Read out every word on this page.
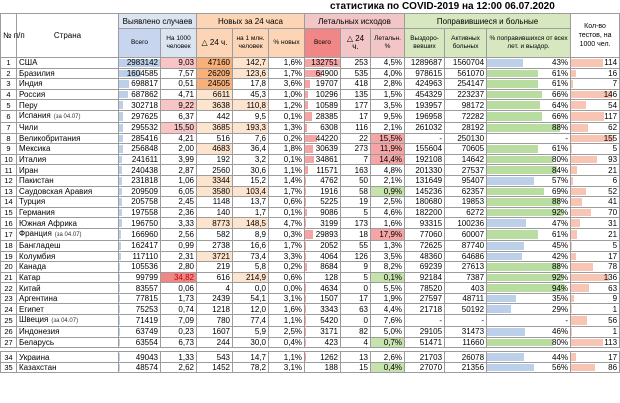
статистика по COVID-2019 на 12:00 06.07.2020
№ п/п	Страна	Выявлено случаев		Новых за 24 часа			Летальных исходов			Поправившиеся и больные			Кол-во тестов, на 1000 чел.
		Всего	На 1000 человек	△ 24 ч.	на 1 млн. человек	% новых	Всего	△ 24 ч.	Летальн. %	Выздоро-вевших	Активных больных	% поправившихся от всех лет. и выздор.	
1	США	2983142	9,03	47160	142,7	1,6%	132751	253	4,5%	1289687	1560704	43%	114
2	Бразилия	1604585	7,57	26209	123,6	1,7%	64900	535	4,0%	978615	561070	61%	16
3	Индия	698817	0,51	24505	17,8	3,6%	19707	418	2,8%	424963	254147	61%	7
4	Россия	687862	4,71	6611	45,3	1,0%	10296	135	1,5%	454329	223237	66%	146
5	Перу	302718	9,22	3638	110,8	1,2%	10589	177	3,5%	193957	98172	64%	54
6	Испания (за 04.07)	297625	6,37	442	9,5	0,1%	28385	17	9,5%	196958	72282	66%	117
7	Чили	295532	15,50	3685	193,3	1,3%	6308	116	2,1%	261032	28192	88%	62
8	Великобритания	285416	4,21	516	7,6	0,2%	44220	22	15,5%	-	250130	-	155
9	Мексика	256848	2,00	4683	36,4	1,8%	30639	273	11,9%	155604	70605	61%	5
10	Италия	241611	3,99	192	3,2	0,1%	34861	7	14,4%	192108	14642	80%	93
11	Иран	240438	2,87	2560	30,6	1,1%	11571	163	4,8%	201330	27537	84%	21
12	Пакистан	231818	1,06	3344	15,2	1,4%	4762	50	2,1%	131649	95407	57%	6
13	Саудовская Аравия	209509	6,05	3580	103,4	1,7%	1916	58	0,9%	145236	62357	69%	52
14	Турция	205758	2,45	1148	13,7	0,6%	5225	19	2,5%	180680	19853	88%	41
15	Германия	197558	2,36	140	1,7	0,1%	9086	5	4,6%	182200	6272	92%	70
16	Южная Африка	196750	3,33	8773	148,5	4,7%	3199	173	1,6%	93315	100236	47%	31
17	Франция (за 04.07)	166960	2,56	582	8,9	0,3%	29893	18	17,9%	77060	60007	61%	21
18	Бангладеш	162417	0,99	2738	16,6	1,7%	2052	55	1,3%	72625	87740	45%	5
19	Колумбия	117110	2,31	3721	73,4	3,3%	4064	126	3,5%	48360	64686	42%	17
20	Канада	105536	2,80	219	5,8	0,2%	8684	9	8,2%	69239	27613	88%	78
21	Катар	99799	34,82	616	214,9	0,6%	128	5	0,1%	92184	7387	92%	136
22	Китай	83557	0,06	4	0,0	0,0%	4634	0	5,5%	78520	403	94%	63
23	Аргентина	77815	1,73	2439	54,1	3,1%	1507	17	1,9%	27597	48711	35%	9
24	Египет	75253	0,74	1218	12,0	1,6%	3343	63	4,4%	21718	50192	29%	1
25	Швеция (за 04.07)	71419	7,09	780	77,4	1,1%	5420	0	7,6%	-	-	-	56
26	Индонезия	63749	0,23	1607	5,9	2,5%	3171	82	5,0%	29105	31473	46%	1
27	Беларусь	63554	6,73	244	30,0	0,4%	423	4	0,7%	51471	11660	80%	113

34	Украина	49043	1,33	543	14,7	1,1%	1262	13	2,6%	21703	26078	44%	17
35	Казахстан	48574	2,62	1452	78,2	3,1%	188	15	0,4%	27070	21356	56%	86
